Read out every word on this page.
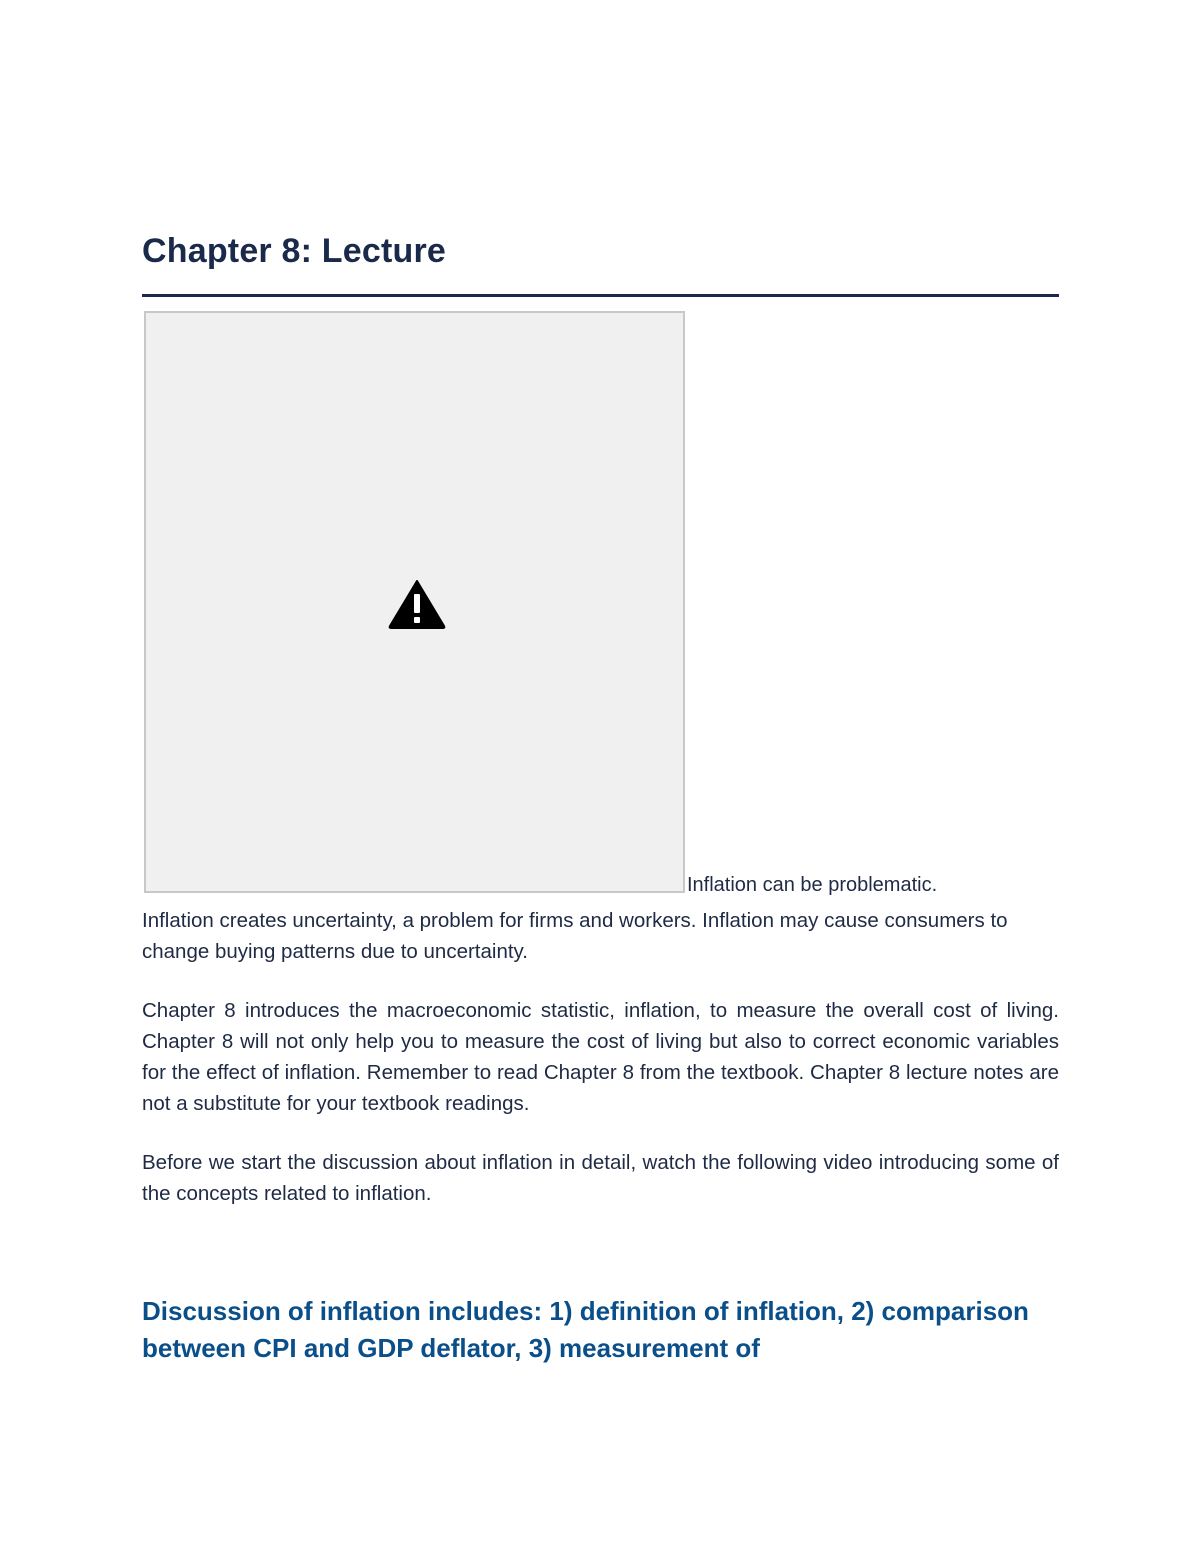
Chapter 8: Lecture
Inflation can be problematic.

Inflation creates uncertainty, a problem for firms and workers. Inflation may cause consumers to change buying patterns due to uncertainty.

Chapter 8 introduces the macroeconomic statistic, inflation, to measure the overall cost of living. Chapter 8 will not only help you to measure the cost of living but also to correct economic variables for the effect of inflation. Remember to read Chapter 8 from the textbook. Chapter 8 lecture notes are not a substitute for your textbook readings.

Before we start the discussion about inflation in detail, watch the following video introducing some of the concepts related to inflation.

Discussion of inflation includes: 1) definition of inflation, 2) comparison between CPI and GDP deflator, 3) measurement of
